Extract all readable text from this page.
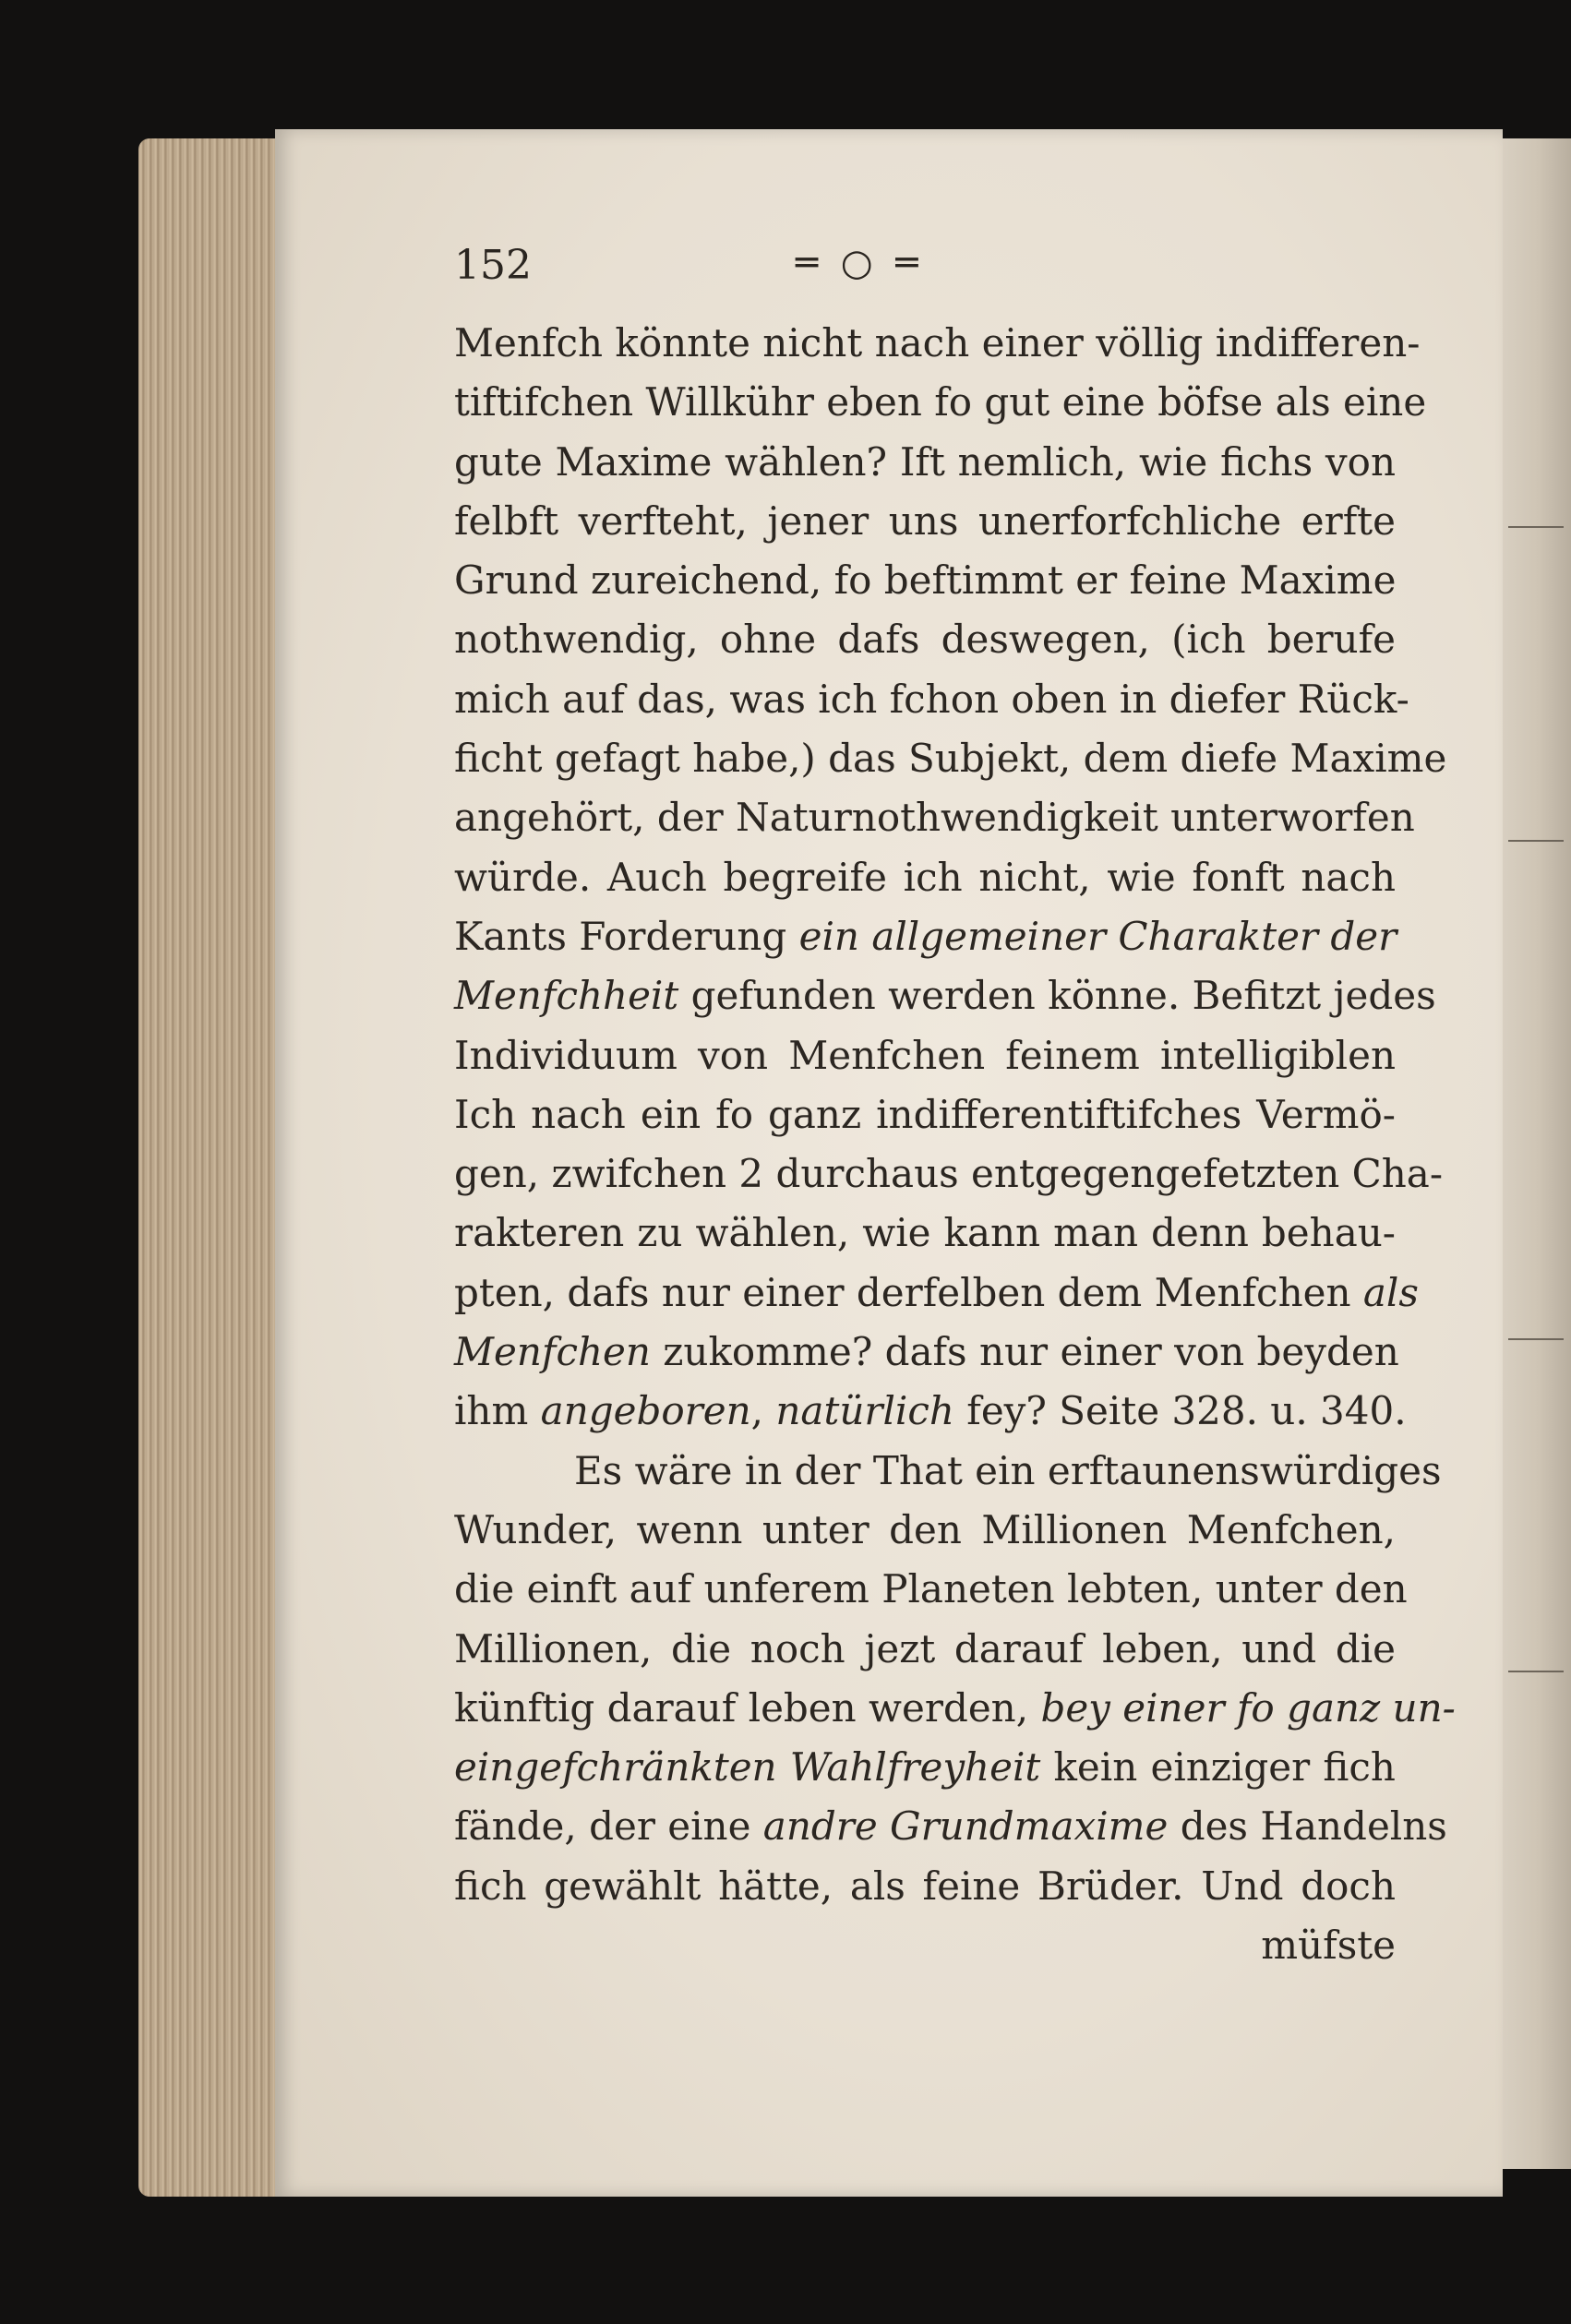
152	═ ○ ═
Menfch könnte nicht nach einer völlig indifferen-
tiftifchen Willkühr eben fo gut eine böfse als eine
gute Maxime wählen? Ift nemlich, wie fichs von
felbft verfteht, jener uns unerforfchliche erfte
Grund zureichend, fo beftimmt er feine Maxime
nothwendig, ohne dafs deswegen, (ich berufe
mich auf das, was ich fchon oben in diefer Rück-
ficht gefagt habe,) das Subjekt, dem diefe Maxime
angehört, der Naturnothwendigkeit unterworfen
würde. Auch begreife ich nicht, wie fonft nach
Kants Forderung ein allgemeiner Charakter der
Menfchheit gefunden werden könne. Befitzt jedes
Individuum von Menfchen feinem intelligiblen
Ich nach ein fo ganz indifferentiftifches Vermö-
gen, zwifchen 2 durchaus entgegengefetzten Cha-
rakteren zu wählen, wie kann man denn behau-
pten, dafs nur einer derfelben dem Menfchen als
Menfchen zukomme? dafs nur einer von beyden
ihm angeboren, natürlich fey? Seite 328. u. 340.
Es wäre in der That ein erftaunenswürdiges
Wunder, wenn unter den Millionen Menfchen,
die einft auf unferem Planeten lebten, unter den
Millionen, die noch jezt darauf leben, und die
künftig darauf leben werden, bey einer fo ganz un-
eingefchränkten Wahlfreyheit kein einziger fich
fände, der eine andre Grundmaxime des Handelns
fich gewählt hätte, als feine Brüder. Und doch
müfste
